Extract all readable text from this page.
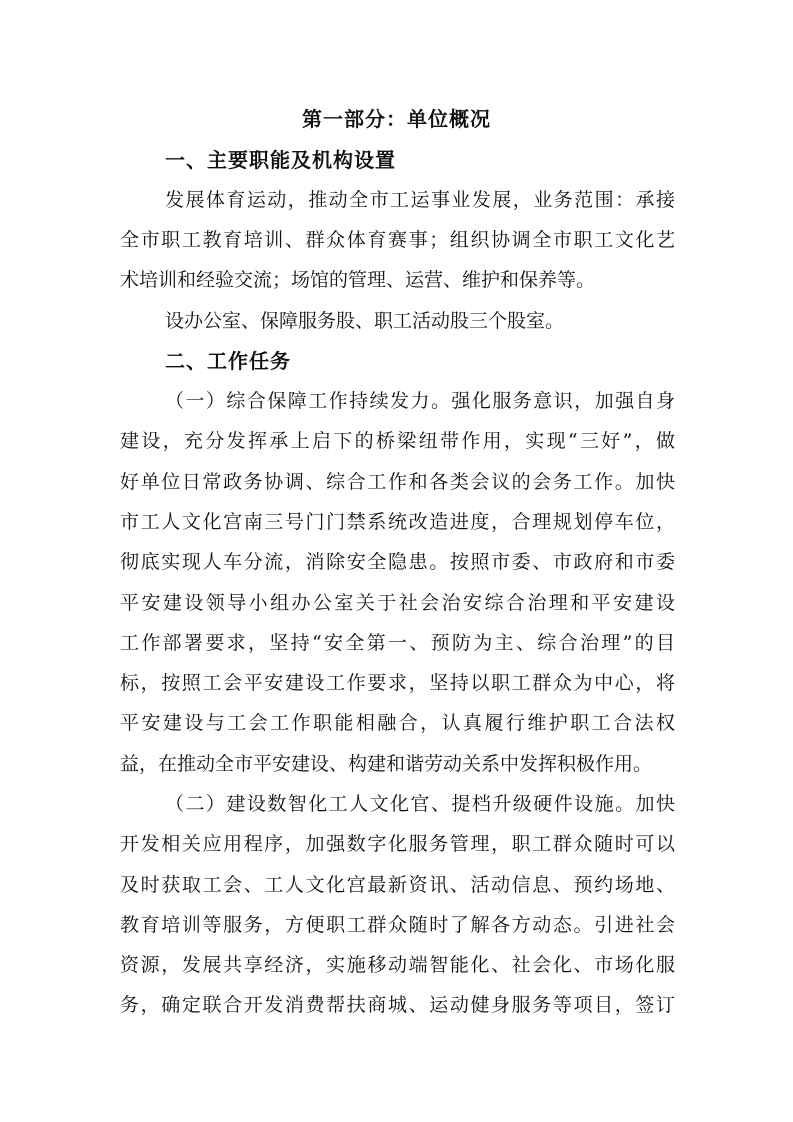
第一部分：单位概况
一、主要职能及机构设置
发展体育运动，推动全市工运事业发展，业务范围：承接
全市职工教育培训、群众体育赛事；组织协调全市职工文化艺
术培训和经验交流；场馆的管理、运营、维护和保养等。
设办公室、保障服务股、职工活动股三个股室。
二、工作任务
（一）综合保障工作持续发力。强化服务意识，加强自身
建设，充分发挥承上启下的桥梁纽带作用，实现“三好”，做
好单位日常政务协调、综合工作和各类会议的会务工作。加快
市工人文化宫南三号门门禁系统改造进度，合理规划停车位，
彻底实现人车分流，消除安全隐患。按照市委、市政府和市委
平安建设领导小组办公室关于社会治安综合治理和平安建设
工作部署要求，坚持“安全第一、预防为主、综合治理”的目
标，按照工会平安建设工作要求，坚持以职工群众为中心，将
平安建设与工会工作职能相融合，认真履行维护职工合法权
益，在推动全市平安建设、构建和谐劳动关系中发挥积极作用。
（二）建设数智化工人文化官、提档升级硬件设施。加快
开发相关应用程序，加强数字化服务管理，职工群众随时可以
及时获取工会、工人文化宫最新资讯、活动信息、预约场地、
教育培训等服务，方便职工群众随时了解各方动态。引进社会
资源，发展共享经济，实施移动端智能化、社会化、市场化服
务，确定联合开发消费帮扶商城、运动健身服务等项目，签订
